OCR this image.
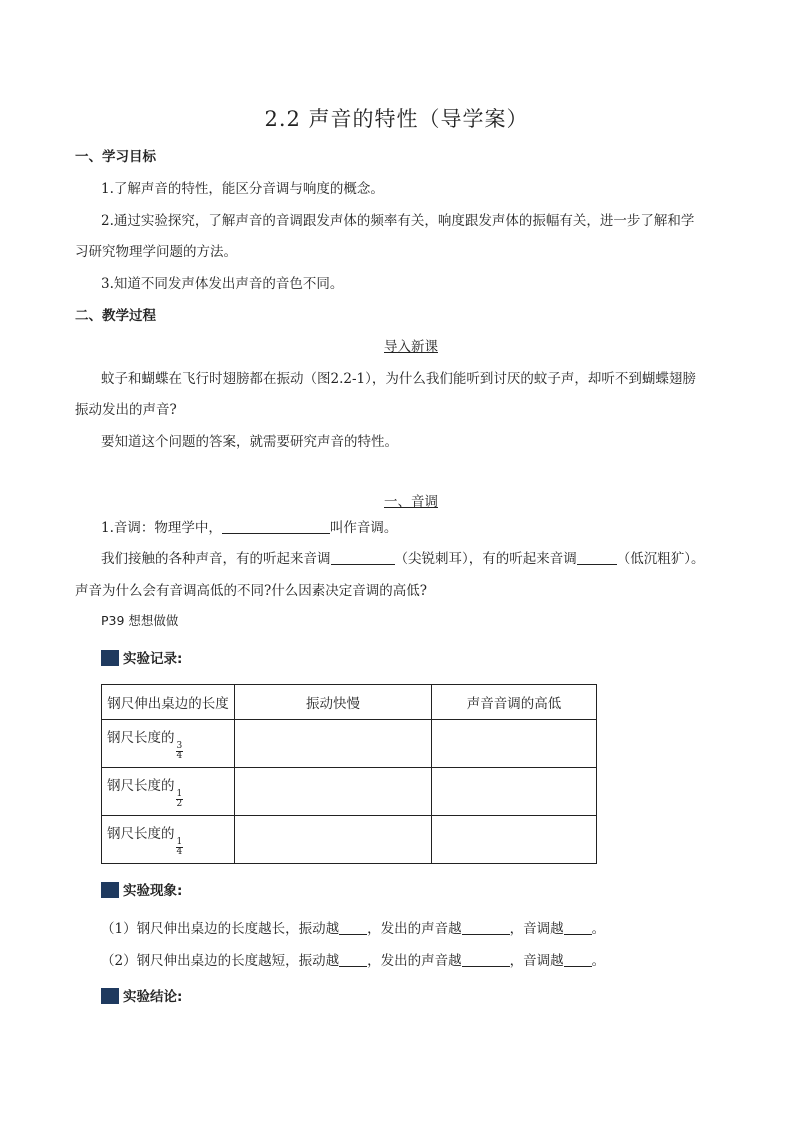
2.2 声音的特性（导学案）
一、学习目标
1.了解声音的特性，能区分音调与响度的概念。
2.通过实验探究，了解声音的音调跟发声体的频率有关，响度跟发声体的振幅有关，进一步了解和学
习研究物理学问题的方法。
3.知道不同发声体发出声音的音色不同。
二、教学过程
导入新课
蚊子和蝴蝶在飞行时翅膀都在振动（图2.2-1），为什么我们能听到讨厌的蚊子声，却听不到蝴蝶翅膀
振动发出的声音?
要知道这个问题的答案，就需要研究声音的特性。
一、音调
1.音调：物理学中，	叫作音调。
我们接触的各种声音，有的听起来音调	（尖锐刺耳），有的听起来音调	（低沉粗犷）。
声音为什么会有音调高低的不同?什么因素决定音调的高低?
P39 想想做做
实验记录:
钢尺伸出桌边的长度	振动快慢	声音音调的高低
钢尺长度的
$\frac{3}{4}$

钢尺长度的
$\frac{1}{2}$

钢尺长度的
$\frac{1}{4}$

实验现象:
（1）钢尺伸出桌边的长度越长，振动越 ，发出的声音越	，音调越 。
（2）钢尺伸出桌边的长度越短，振动越 ，发出的声音越	，音调越 。
实验结论:
